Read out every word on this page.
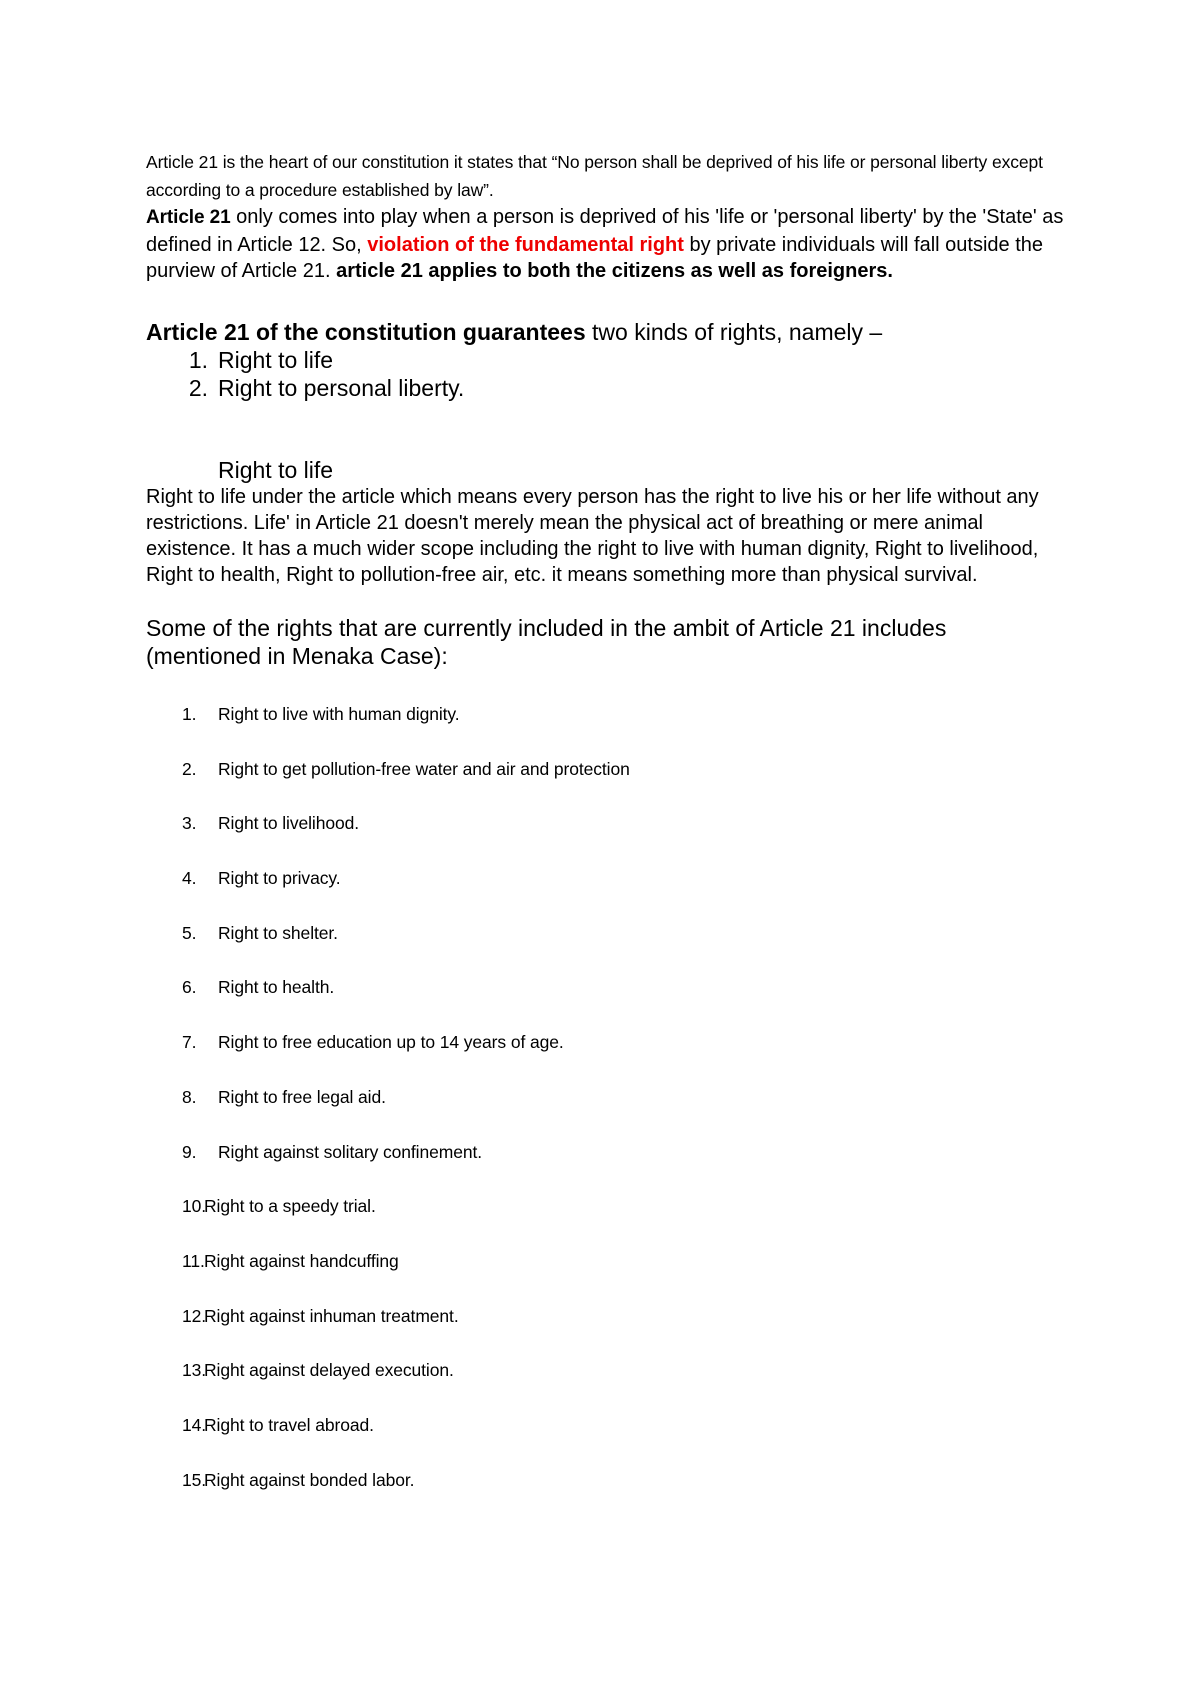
Article 21 is the heart of our constitution it states that “No person shall be deprived of his life or personal liberty except according to a procedure established by law”.

Article 21 only comes into play when a person is deprived of his 'life or 'personal liberty' by the 'State' as defined in Article 12. So, violation of the fundamental right by private individuals will fall outside the purview of Article 21. article 21 applies to both the citizens as well as foreigners.

Article 21 of the constitution guarantees two kinds of rights, namely –

1. Right to life
2. Right to personal liberty.

Right to life

Right to life under the article which means every person has the right to live his or her life without any restrictions. Life' in Article 21 doesn't merely mean the physical act of breathing or mere animal existence. It has a much wider scope including the right to live with human dignity, Right to livelihood, Right to health, Right to pollution-free air, etc. it means something more than physical survival.

Some of the rights that are currently included in the ambit of Article 21 includes (mentioned in Menaka Case):

1.	Right to live with human dignity.
2.	Right to get pollution-free water and air and protection
3.	Right to livelihood.
4.	Right to privacy.
5.	Right to shelter.
6.	Right to health.
7.	Right to free education up to 14 years of age.
8.	Right to free legal aid.
9.	Right against solitary confinement.
10.
Right to a speedy trial.
11. Right against handcuffing
12.
Right against inhuman treatment.
13.
Right against delayed execution.
14.
Right to travel abroad.
15.
Right against bonded labor.
